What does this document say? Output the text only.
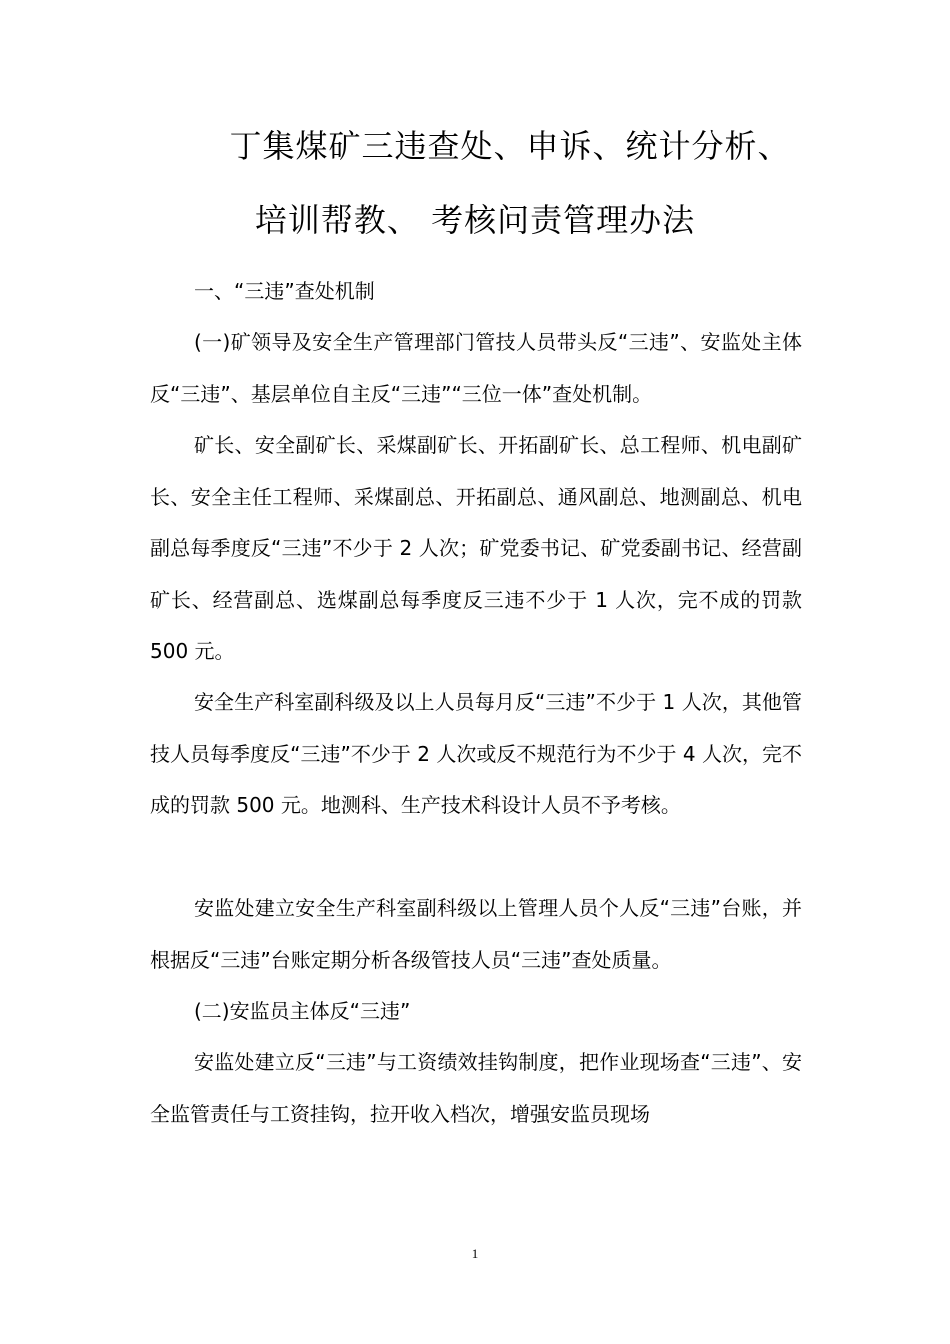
丁集煤矿三违查处、申诉、统计分析、
培训帮教、 考核问责管理办法

一、“三违”查处机制

(一)矿领导及安全生产管理部门管技人员带头反“三违”、安监处主体反“三违”、基层单位自主反“三违”“三位一体”查处机制。

矿长、安全副矿长、采煤副矿长、开拓副矿长、总工程师、机电副矿长、安全主任工程师、采煤副总、开拓副总、通风副总、地测副总、机电副总每季度反“三违”不少于 2 人次；矿党委书记、矿党委副书记、经营副矿长、经营副总、选煤副总每季度反三违不少于 1 人次，完不成的罚款 500 元。

安全生产科室副科级及以上人员每月反“三违”不少于 1 人次，其他管技人员每季度反“三违”不少于 2 人次或反不规范行为不少于 4 人次，完不成的罚款 500 元。地测科、生产技术科设计人员不予考核。

安监处建立安全生产科室副科级以上管理人员个人反“三违”台账，并根据反“三违”台账定期分析各级管技人员“三违”查处质量。

(二)安监员主体反“三违”

安监处建立反“三违”与工资绩效挂钩制度，把作业现场查“三违”、安全监管责任与工资挂钩，拉开收入档次，增强安监员现场

1
